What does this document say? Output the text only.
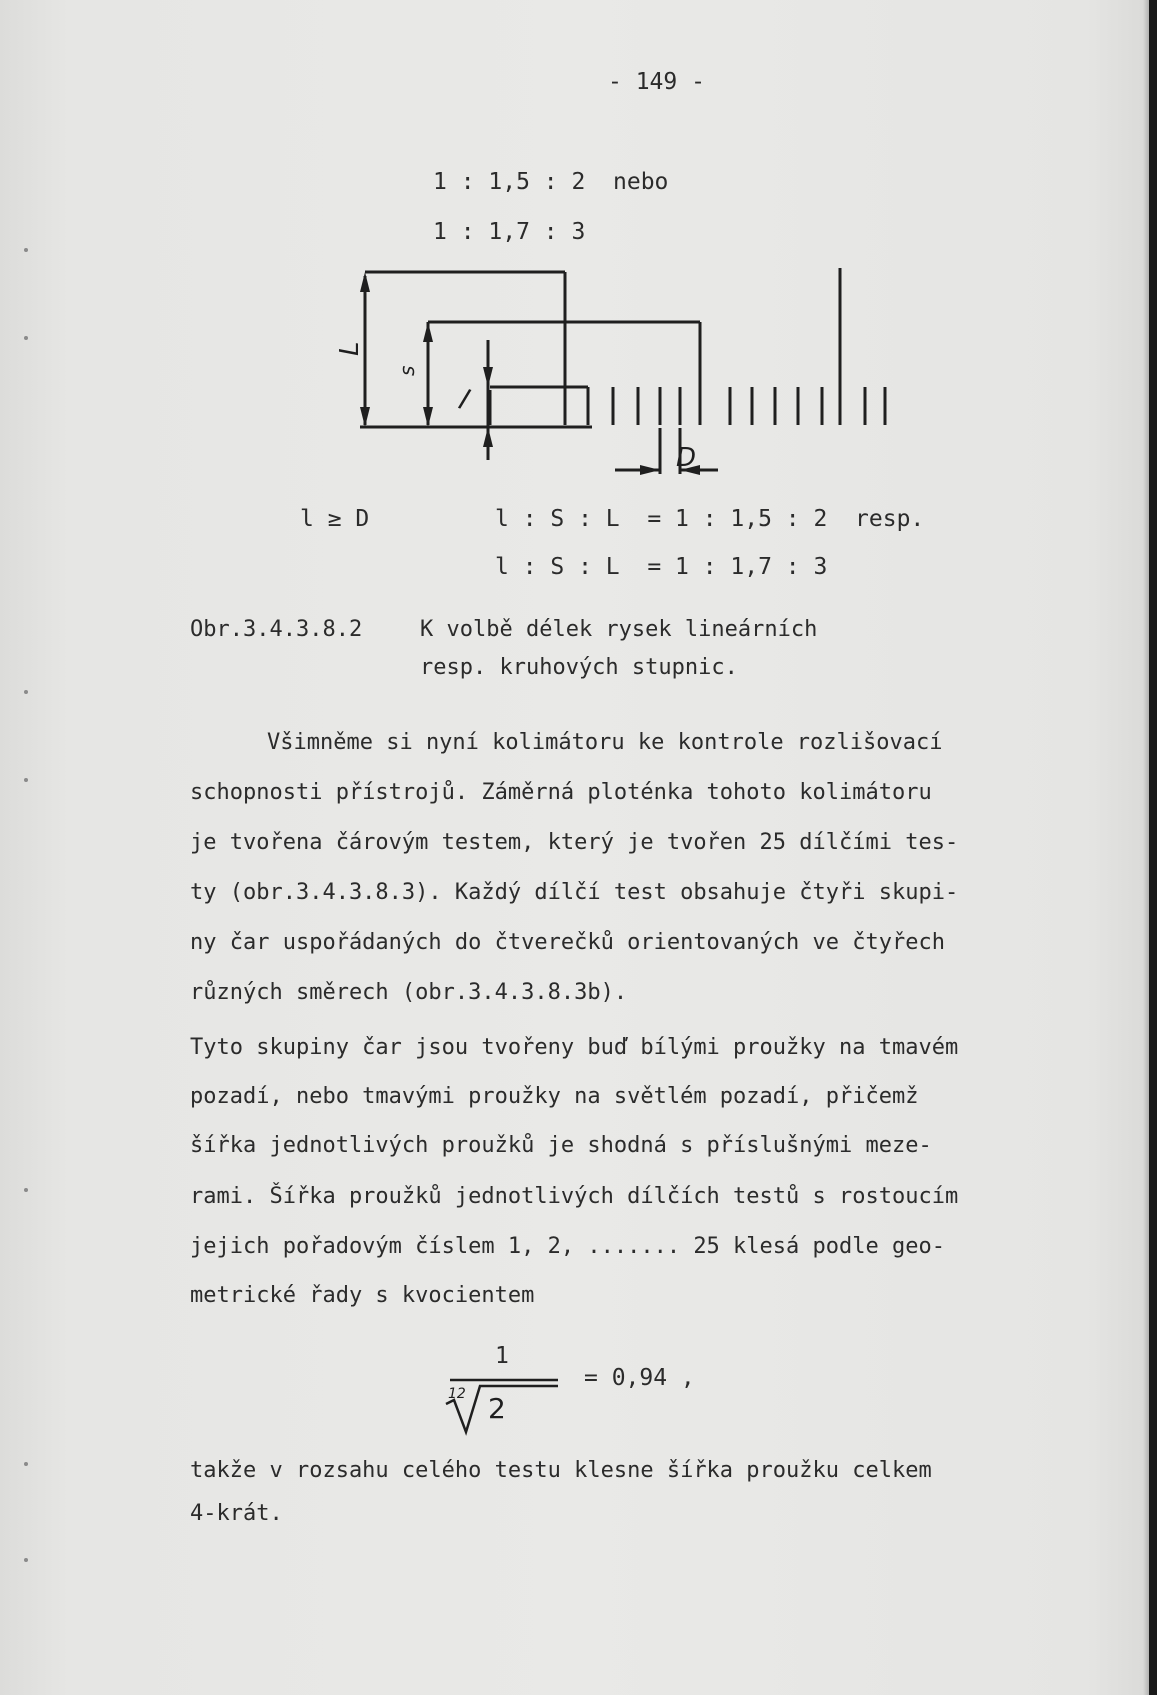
- 149 -
1 : 1,5 : 2  nebo
1 : 1,7 : 3
L
s
l
D
l ≥ D	l : S : L  = 1 : 1,5 : 2  resp.
l : S : L  = 1 : 1,7 : 3
Obr.3.4.3.8.2	K volbě délek rysek lineárních
resp. kruhových stupnic.
Všimněme si nyní kolimátoru ke kontrole rozlišovací
schopnosti přístrojů. Záměrná ploténka tohoto kolimátoru
je tvořena čárovým testem, který je tvořen 25 dílčími tes-
ty (obr.3.4.3.8.3). Každý dílčí test obsahuje čtyři skupi-
ny čar uspořádaných do čtverečků orientovaných ve čtyřech
různých směrech (obr.3.4.3.8.3b).
Tyto skupiny čar jsou tvořeny buď bílými proužky na tmavém
pozadí, nebo tmavými proužky na světlém pozadí, přičemž
šířka jednotlivých proužků je shodná s příslušnými meze-
rami. Šířka proužků jednotlivých dílčích testů s rostoucím
jejich pořadovým číslem 1, 2, ....... 25 klesá podle geo-
metrické řady s kvocientem
1
12 2
= 0,94 ,
takže v rozsahu celého testu klesne šířka proužku celkem
4-krát.
